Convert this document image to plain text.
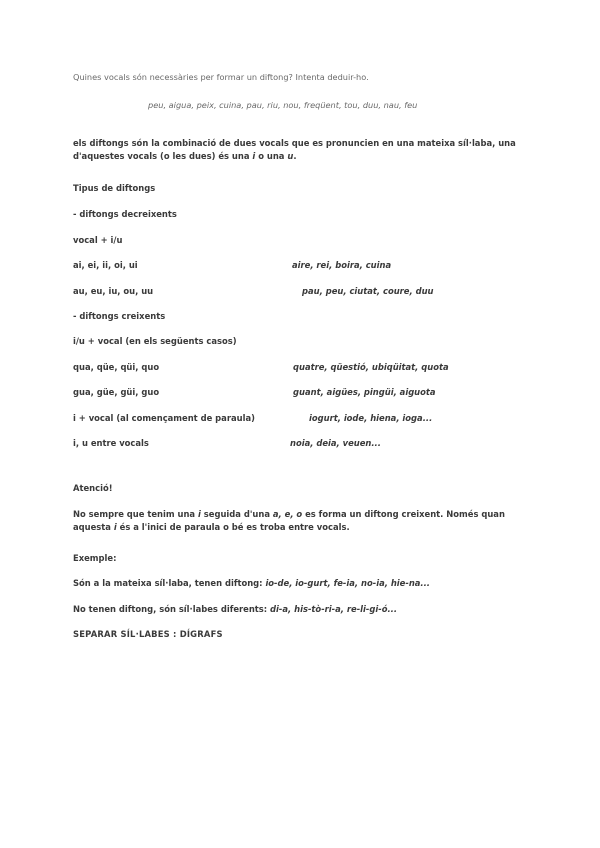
Quines vocals són necessàries per formar un diftong? Intenta deduir-ho.
peu, aigua, peix, cuina, pau, riu, nou, freqüent, tou, duu, nau, feu
els diftongs són la combinació de dues vocals que es pronuncien en una mateixa síl·laba, una d'aquestes vocals (o les dues) és una i o una u.
Tipus de diftongs
- diftongs decreixents
vocal + i/u
ai, ei, ii, oi, ui	aire, rei, boira, cuina
au, eu, iu, ou, uu	pau, peu, ciutat, coure, duu
- diftongs creixents
i/u + vocal (en els següents casos)
qua, qüe, qüi, quo	quatre, qüestió, ubiqüitat, quota
gua, güe, güi, guo	guant, aigües, pingüi, aiguota
i + vocal (al començament de paraula)	iogurt, iode, hiena, ioga...
i, u entre vocals	noia, deia, veuen...
Atenció!
No sempre que tenim una i seguida d'una a, e, o es forma un diftong creixent. Només quan aquesta i és a l'inici de paraula o bé es troba entre vocals.
Exemple:
Són a la mateixa síl·laba, tenen diftong: io-de, io-gurt, fe-ia, no-ia, hie-na...
No tenen diftong, són síl·labes diferents: di-a, his-tò-ri-a, re-li-gi-ó...
SEPARAR SÍL·LABES : DÍGRAFS
